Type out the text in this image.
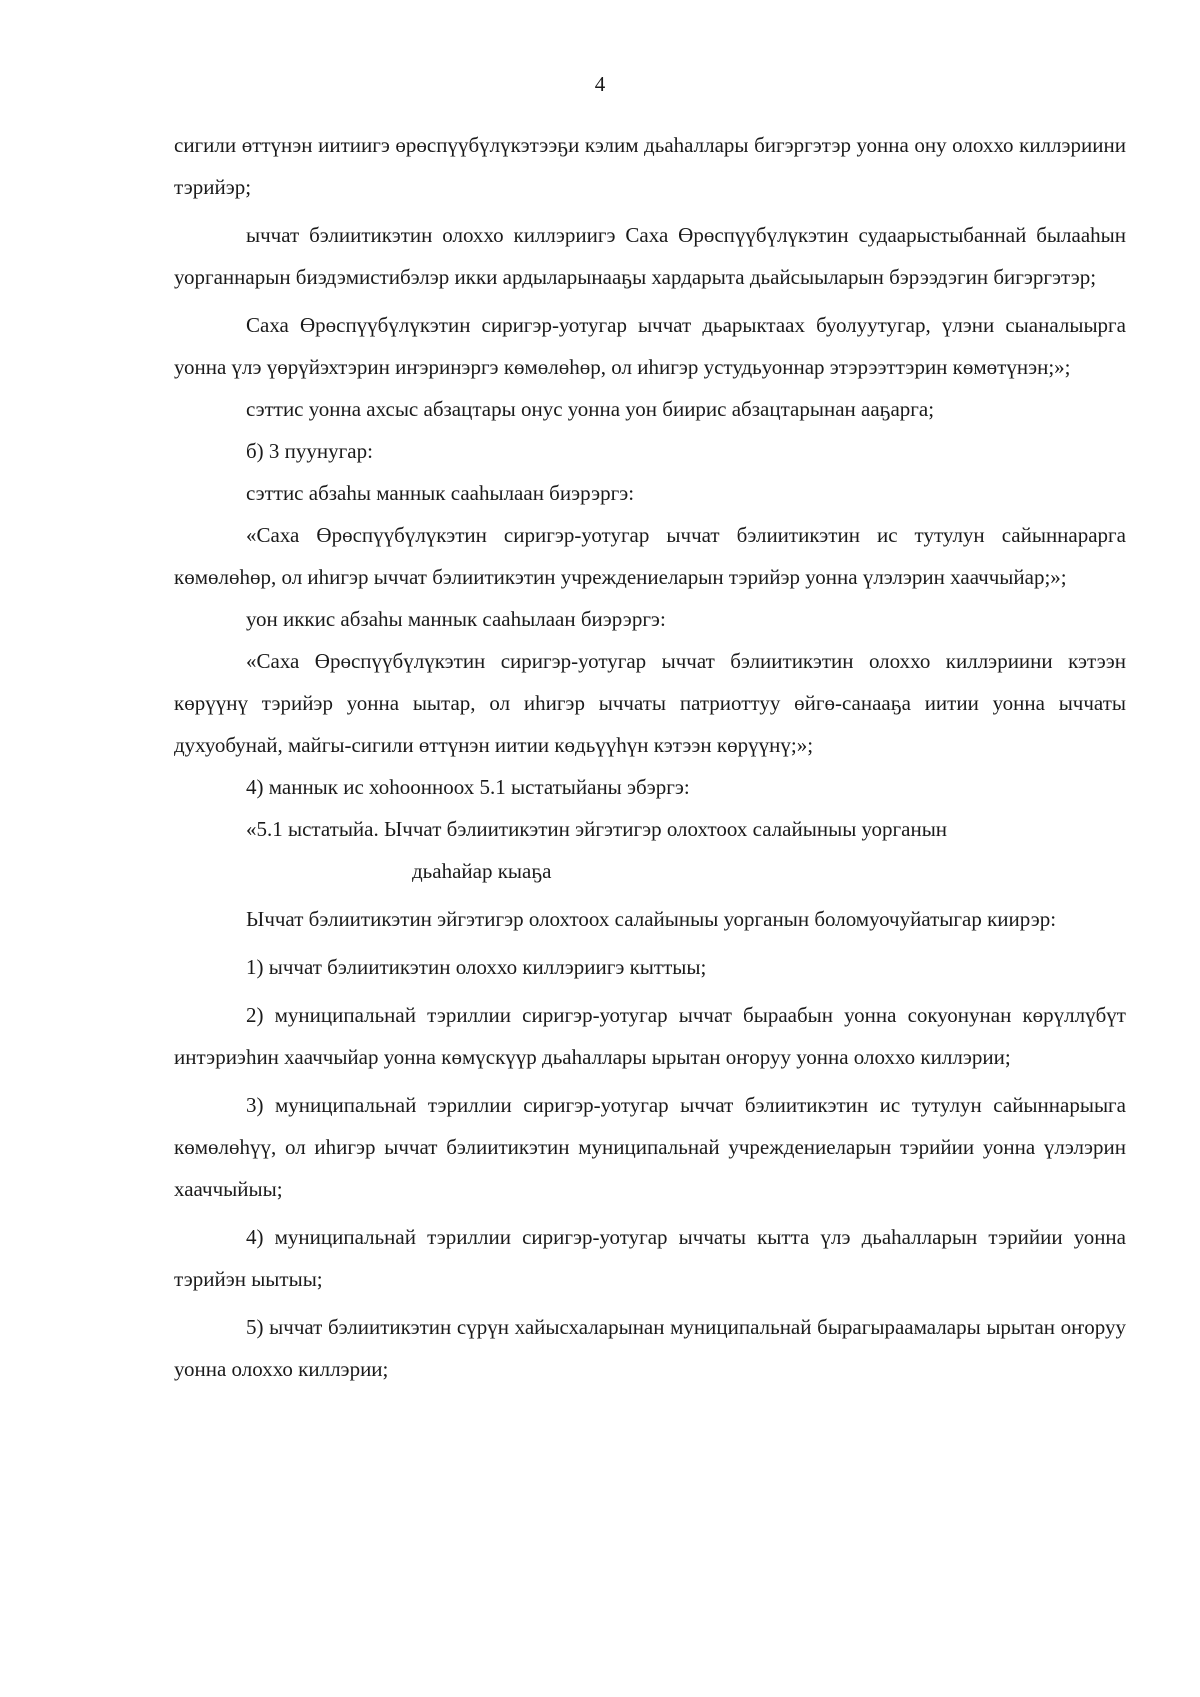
4

сигили өттүнэн иитиигэ өрөспүүбүлүкэтээҕи кэлим дьаһаллары бигэргэтэр уонна ону олоххо киллэриини тэрийэр;

ыччат бэлиитикэтин олоххо киллэриигэ Саха Өрөспүүбүлүкэтин судаарыстыбаннай былааһын уорганнарын биэдэмистибэлэр икки ардыларынааҕы хардарыта дьайсыыларын бэрээдэгин бигэргэтэр;

Саха Өрөспүүбүлүкэтин сиригэр-уотугар ыччат дьарыктаах буолуутугар, үлэни сыаналыырга уонна үлэ үөрүйэхтэрин иҥэринэргэ көмөлөһөр, ол иһигэр устудьуоннар этэрээттэрин көмөтүнэн;»;

сэттис уонна ахсыс абзацтары онус уонна уон биирис абзацтарынан ааҕарга;

б) 3 пуунугар:

сэттис абзаһы маннык сааһылаан биэрэргэ:

«Саха Өрөспүүбүлүкэтин сиригэр-уотугар ыччат бэлиитикэтин ис тутулун сайыннарарга көмөлөһөр, ол иһигэр ыччат бэлиитикэтин учреждениеларын тэрийэр уонна үлэлэрин хааччыйар;»;

уон иккис абзаһы маннык сааһылаан биэрэргэ:

«Саха Өрөспүүбүлүкэтин сиригэр-уотугар ыччат бэлиитикэтин олоххо киллэриини кэтээн көрүүнү тэрийэр уонна ыытар, ол иһигэр ыччаты патриоттуу өйгө-санааҕа иитии уонна ыччаты духуобунай, майгы-сигили өттүнэн иитии көдьүүһүн кэтээн көрүүнү;»;

4) маннык ис хоһоонноох 5.1 ыстатыйаны эбэргэ:

«5.1 ыстатыйа. Ыччат бэлиитикэтин эйгэтигэр олохтоох салайыныы уорганын

дьаһайар кыаҕа

Ыччат бэлиитикэтин эйгэтигэр олохтоох салайыныы уорганын боломуочуйатыгар киирэр:

1) ыччат бэлиитикэтин олоххо киллэриигэ кыттыы;

2) муниципальнай тэриллии сиригэр-уотугар ыччат быраабын уонна сокуонунан көрүллүбүт интэриэһин хааччыйар уонна көмүскүүр дьаһаллары ырытан оҥоруу уонна олоххо киллэрии;

3) муниципальнай тэриллии сиригэр-уотугар ыччат бэлиитикэтин ис тутулун сайыннарыыга көмөлөһүү, ол иһигэр ыччат бэлиитикэтин муниципальнай учреждениеларын тэрийии уонна үлэлэрин хааччыйыы;

4) муниципальнай тэриллии сиригэр-уотугар ыччаты кытта үлэ дьаһалларын тэрийии уонна тэрийэн ыытыы;

5) ыччат бэлиитикэтин сүрүн хайысхаларынан муниципальнай бырагыраамалары ырытан оҥоруу уонна олоххо киллэрии;
